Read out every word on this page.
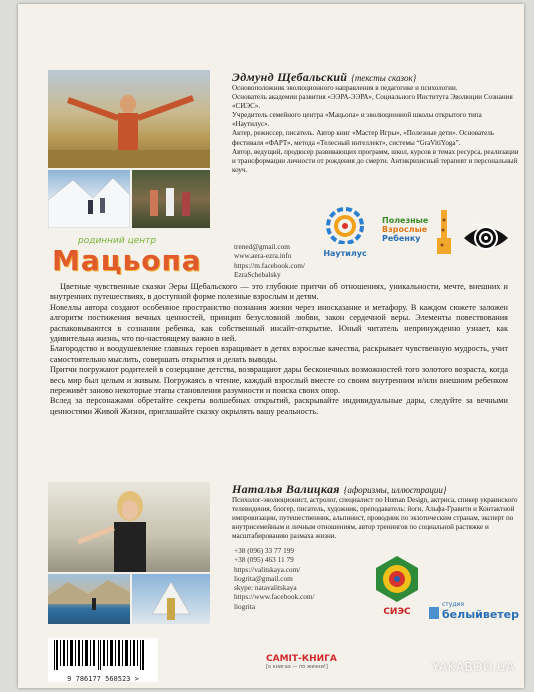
родинний центр
Мацьопа
Эдмунд Щебальский {тексты сказок}
Основоположник эволюционного направления в педагогике и психологии.
Основатель академии развития «ЭЭРА-ЭЭРА», Социального Института Эволюции Сознания «СИЭС».
Учредитель семейного центра «Мацьопа» и эволюционной школы открытого типа «Наутилус».
Актер, режиссер, писатель. Автор книг «Мастер Игры», «Полезные дети». Основатель фестиваля «ФАРТ», метода «Телесный интеллект», системы “GraVitiYoga”.
Автор, ведущий, продюсер развивающих программ, школ, курсов в темах ресурса, реализации и трансформации личности от рождения до смерти. Антикризисный терапевт и персональный коуч.
trened@gmail.com
www.aera-ezra.info
https://m.facebook.com/
EzraSchebalsky
Наутилус
Полезные
Взрослые
Ребенку
ЭЭРА-ЭЭРА

Цветные чувственные сказки Эеры Щебальского — это глубокие притчи об отношениях, уникальности, мечте, внешних и внутренних путешествиях, в доступной форме полезные взрослым и детям.

Новеллы автора создают особенное пространство познания жизни через иносказание и метафору. В каждом сюжете заложен алгоритм постижения вечных ценностей, принцип безусловной любви, закон сердечной веры. Элементы повествования распаковываются в сознании ребенка, как собственный инсайт-открытие. Юный читатель непринужденно узнает, как удивительна жизнь, что по-настоящему важно в ней.

Благородство и воодушевление главных героев взращивает в детях взрослые качества, раскрывает чувственную мудрость, учит самостоятельно мыслить, совершать открытия и делать выводы.

Притчи погружают родителей в созерцание детства, возвращают дары бесконечных возможностей того золотого возраста, когда весь мир был целым и живым. Погружаясь в чтение, каждый взрослый вместе со своим внутренним и/или внешним ребенком переживёт заново некоторые этапы становления разумности и поиска своих опор.

Вслед за персонажами обретайте секреты волшебных открытий, раскрывайте индивидуальные дары, следуйте за вечными ценностями Живой Жизни, приглашайте сказку окрылять вашу реальность.

Наталья Валицкая {афоризмы, иллюстрации}
Психолог-эволюционист, астролог, специалист по Human Design, актриса, спикер украинского телевидения, блогер, писатель, художник, преподаватель: йоги, Альфа-Гравити и Контактной импровизации, путешественник, альпинист, проводник по экзотическим странам, эксперт по внутрисемейным и личным отношениям, автор тренингов по социальной растяжке и масштабированию размаха жизни.
+38 (096) 33 77 199
+38 (095) 463 11 79
https://valitskaya.com/
liogrita@gmail.com
skype: natavalitskaya
https://www.facebook.com/
liogrita
СИЭС
студия
белыйветер
9 786177 560523 >
САМІТ-КНИГА
[о книгах — по жизни!]	YAKABOO.UA
